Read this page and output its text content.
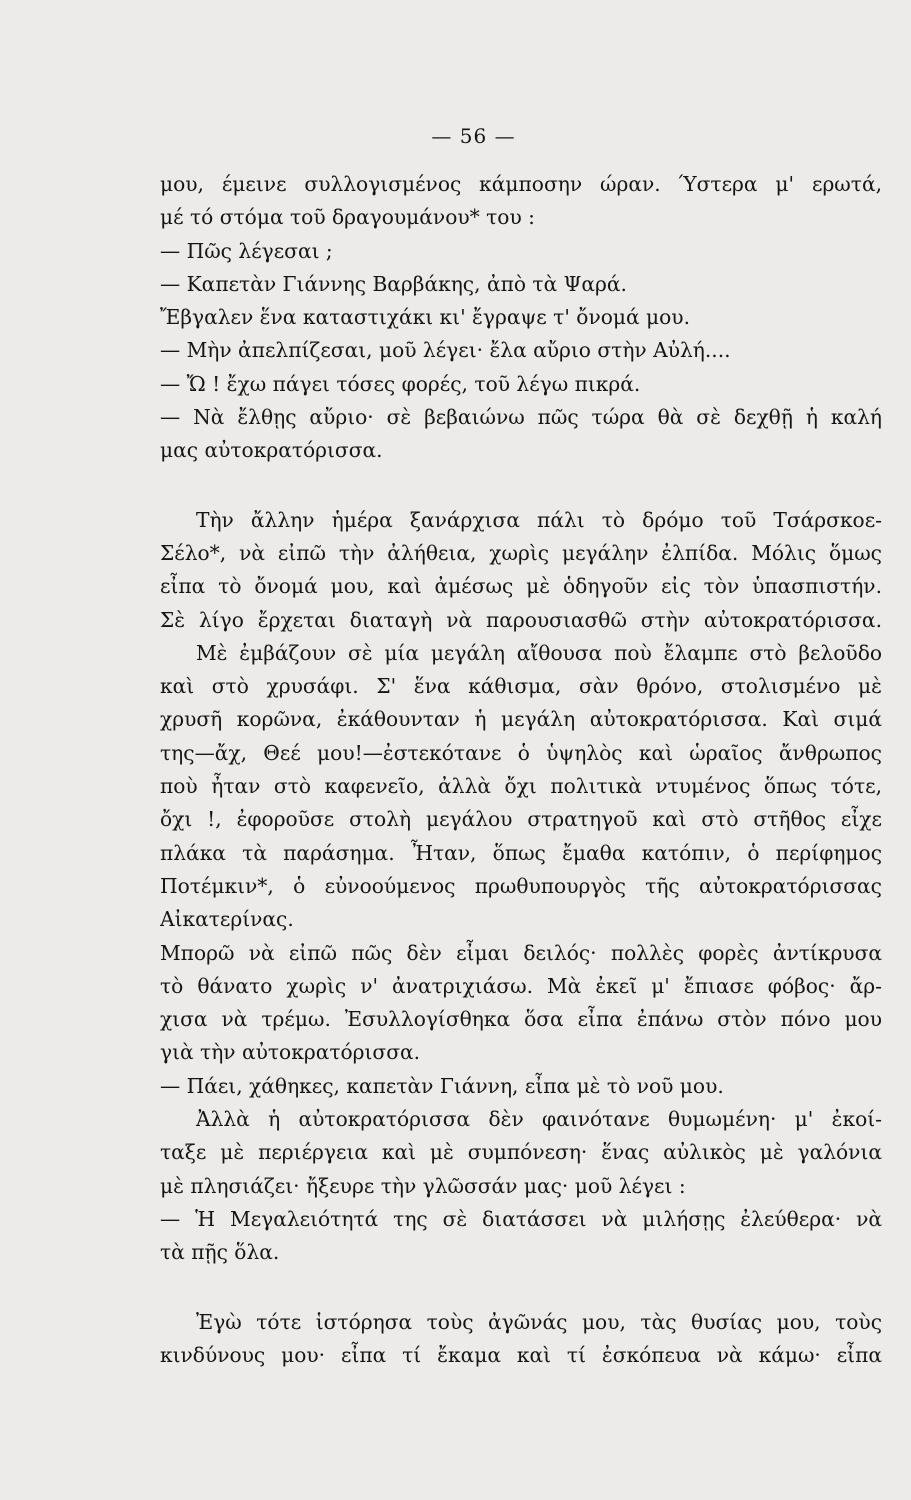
— 56 —
μου, έμεινε συλλογισμένος κάμποσην ώραν. Ύστερα μ' ερωτά,
μέ τό στόμα τοῦ δραγουμάνου* του :
— Πῶς λέγεσαι ;
— Καπετὰν Γιάννης Βαρβάκης, ἀπὸ τὰ Ψαρά.
Ἔβγαλεν ἕνα καταστιχάκι κι' ἔγραψε τ' ὄνομά μου.
— Μὴν ἀπελπίζεσαι, μοῦ λέγει· ἔλα αὔριο στὴν Αὐλή....
— Ὤ ! ἔχω πάγει τόσες φορές, τοῦ λέγω πικρά.
— Νὰ ἔλθῃς αὔριο· σὲ βεβαιώνω πῶς τώρα θὰ σὲ δεχθῇ ἡ καλή
μας αὐτοκρατόρισσα.
Τὴν ἄλλην ἡμέρα ξανάρχισα πάλι τὸ δρόμο τοῦ Τσάρσκοε-
Σέλο*, νὰ εἰπῶ τὴν ἀλήθεια, χωρὶς μεγάλην ἐλπίδα. Μόλις ὅμως
εἶπα τὸ ὄνομά μου, καὶ ἀμέσως μὲ ὁδηγοῦν εἰς τὸν ὑπασπιστήν.
Σὲ λίγο ἔρχεται διαταγὴ νὰ παρουσιασθῶ στὴν αὐτοκρατόρισσα.
Μὲ ἐμβάζουν σὲ μία μεγάλη αἴθουσα ποὺ ἔλαμπε στὸ βελοῦδο
καὶ στὸ χρυσάφι. Σ' ἕνα κάθισμα, σὰν θρόνο, στολισμένο μὲ
χρυσῆ κορῶνα, ἐκάθουνταν ἡ μεγάλη αὐτοκρατόρισσα. Καὶ σιμά
της—ἄχ, Θεέ μου!—ἐστεκότανε ὁ ὑψηλὸς καὶ ὡραῖος ἄνθρωπος
ποὺ ἦταν στὸ καφενεῖο, ἀλλὰ ὄχι πολιτικὰ ντυμένος ὅπως τότε,
ὄχι !, ἐφοροῦσε στολὴ μεγάλου στρατηγοῦ καὶ στὸ στῆθος εἶχε
πλάκα τὰ παράσημα. Ἦταν, ὅπως ἔμαθα κατόπιν, ὁ περίφημος
Ποτέμκιν*, ὁ εὐνοούμενος πρωθυπουργὸς τῆς αὐτοκρατόρισσας
Αἰκατερίνας.
Μπορῶ νὰ εἰπῶ πῶς δὲν εἶμαι δειλός· πολλὲς φορὲς ἀντίκρυσα
τὸ θάνατο χωρὶς ν' ἀνατριχιάσω. Μὰ ἐκεῖ μ' ἔπιασε φόβος· ἄρ-
χισα νὰ τρέμω. Ἐσυλλογίσθηκα ὅσα εἶπα ἐπάνω στὸν πόνο μου
γιὰ τὴν αὐτοκρατόρισσα.
— Πάει, χάθηκες, καπετὰν Γιάννη, εἶπα μὲ τὸ νοῦ μου.
Ἀλλὰ ἡ αὐτοκρατόρισσα δὲν φαινότανε θυμωμένη· μ' ἐκοί-
ταξε μὲ περιέργεια καὶ μὲ συμπόνεση· ἕνας αὐλικὸς μὲ γαλόνια
μὲ πλησιάζει· ἤξευρε τὴν γλῶσσάν μας· μοῦ λέγει :
— Ἡ Μεγαλειότητά της σὲ διατάσσει νὰ μιλήσῃς ἐλεύθερα· νὰ
τὰ πῇς ὅλα.
Ἐγὼ τότε ἱστόρησα τοὺς ἀγῶνάς μου, τὰς θυσίας μου, τοὺς
κινδύνους μου· εἶπα τί ἔκαμα καὶ τί ἐσκόπευα νὰ κάμω· εἶπα
